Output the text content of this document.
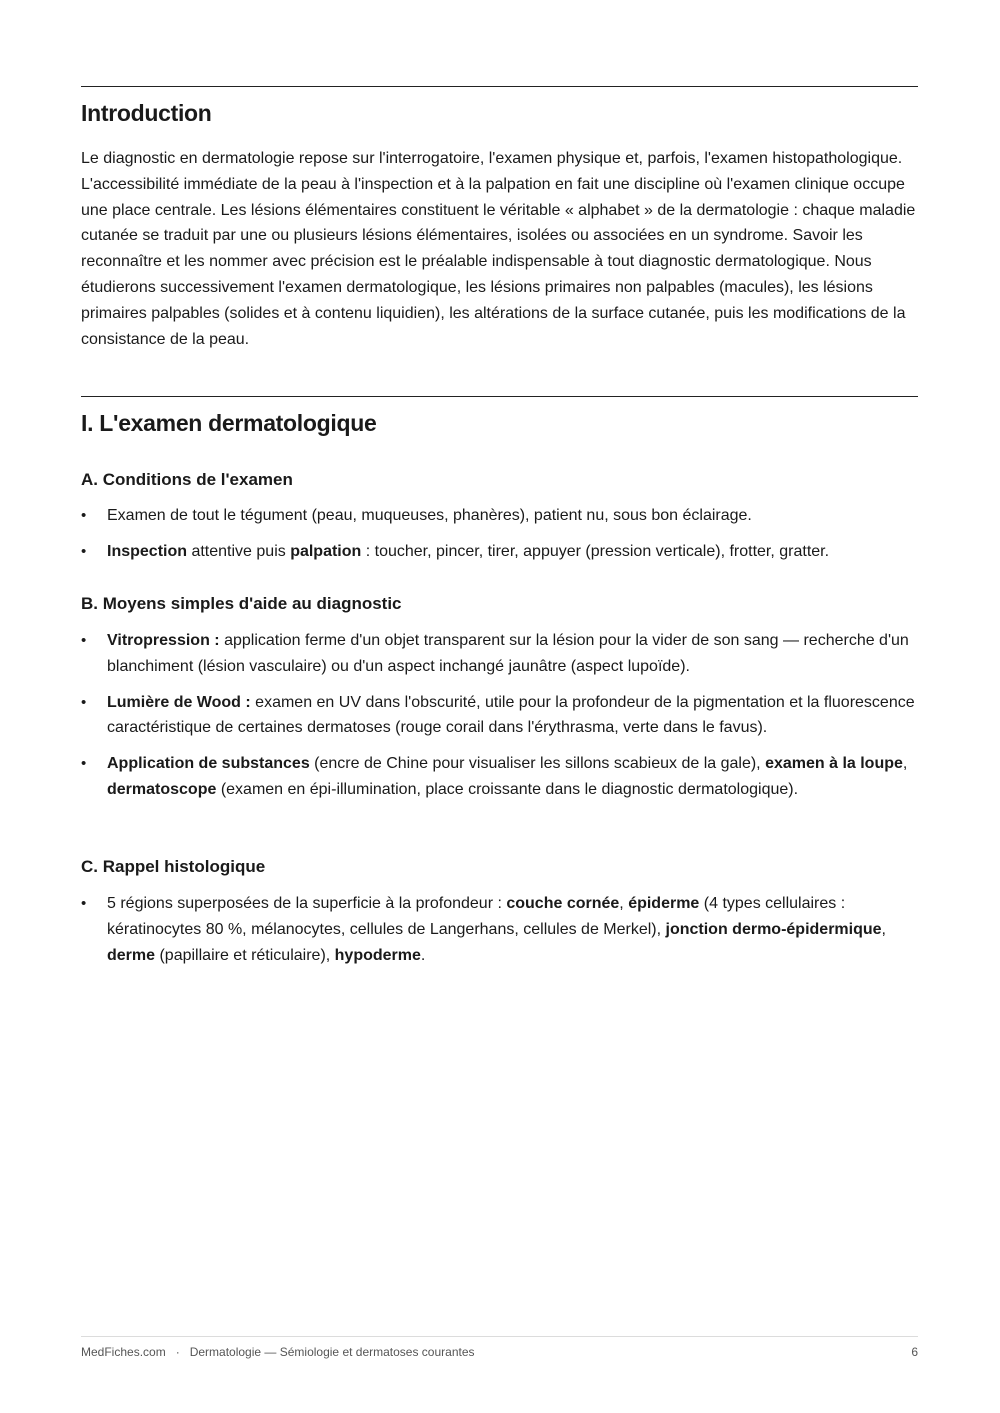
Introduction

Le diagnostic en dermatologie repose sur l'interrogatoire, l'examen physique et, parfois, l'examen histopathologique. L'accessibilité immédiate de la peau à l'inspection et à la palpation en fait une discipline où l'examen clinique occupe une place centrale. Les lésions élémentaires constituent le véritable « alphabet » de la dermatologie : chaque maladie cutanée se traduit par une ou plusieurs lésions élémentaires, isolées ou associées en un syndrome. Savoir les reconnaître et les nommer avec précision est le préalable indispensable à tout diagnostic dermatologique. Nous étudierons successivement l'examen dermatologique, les lésions primaires non palpables (macules), les lésions primaires palpables (solides et à contenu liquidien), les altérations de la surface cutanée, puis les modifications de la consistance de la peau.

I. L'examen dermatologique
A. Conditions de l'examen
• Examen de tout le tégument (peau, muqueuses, phanères), patient nu, sous bon éclairage.
• Inspection attentive puis palpation : toucher, pincer, tirer, appuyer (pression verticale), frotter, gratter.
B. Moyens simples d'aide au diagnostic
• Vitropression : application ferme d'un objet transparent sur la lésion pour la vider de son sang — recherche d'un blanchiment (lésion vasculaire) ou d'un aspect inchangé jaunâtre (aspect lupoïde).
• Lumière de Wood : examen en UV dans l'obscurité, utile pour la profondeur de la pigmentation et la fluorescence caractéristique de certaines dermatoses (rouge corail dans l'érythrasma, verte dans le favus).
• Application de substances (encre de Chine pour visualiser les sillons scabieux de la gale), examen à la loupe, dermatoscope (examen en épi-illumination, place croissante dans le diagnostic dermatologique).
C. Rappel histologique
• 5 régions superposées de la superficie à la profondeur : couche cornée, épiderme (4 types cellulaires : kératinocytes 80 %, mélanocytes, cellules de Langerhans, cellules de Merkel), jonction dermo-épidermique, derme (papillaire et réticulaire), hypoderme.
MedFiches.com · Dermatologie — Sémiologie et dermatoses courantes	6
